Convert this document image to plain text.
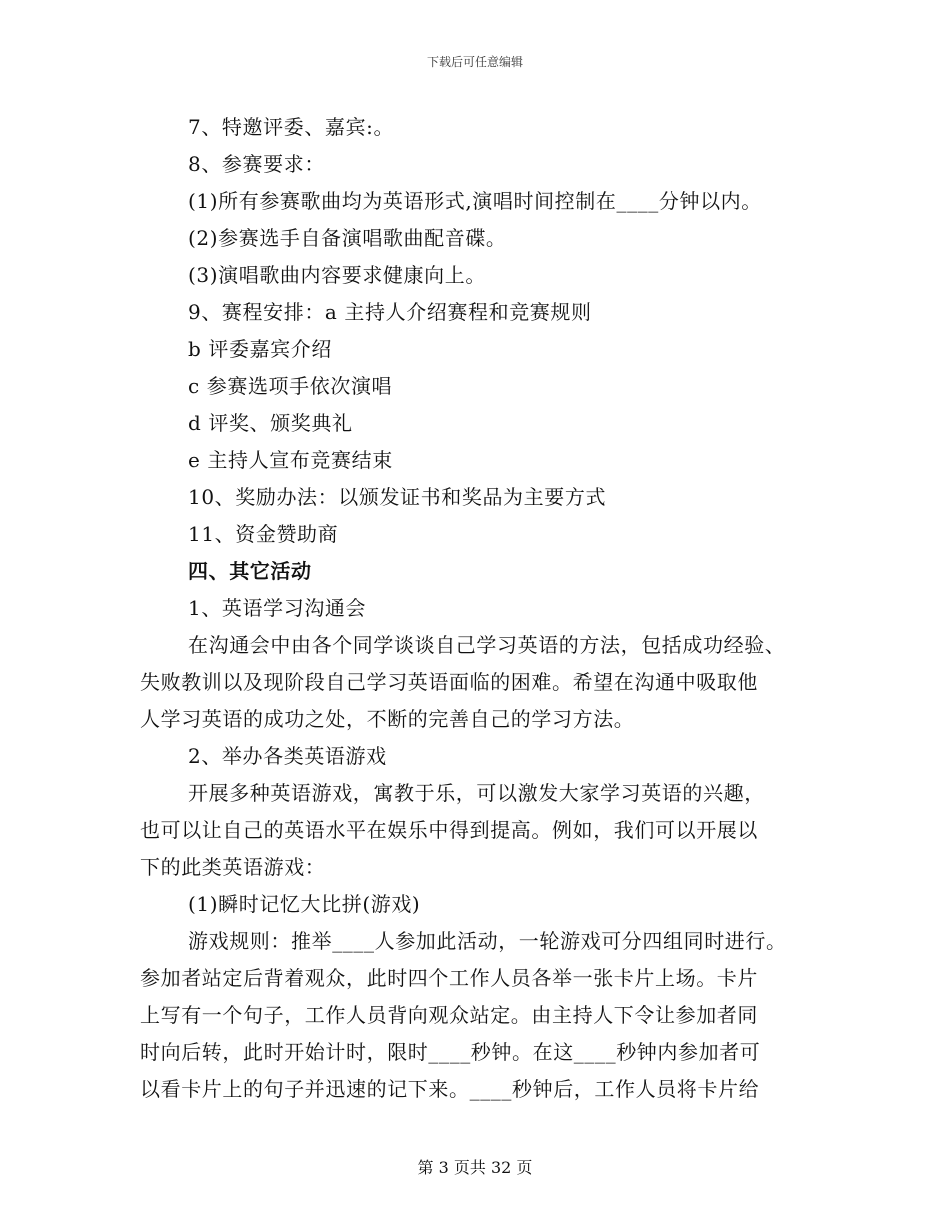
下载后可任意编辑
7、特邀评委、嘉宾:。
8、参赛要求：
(1)所有参赛歌曲均为英语形式,演唱时间控制在____分钟以内。
(2)参赛选手自备演唱歌曲配音碟。
(3)演唱歌曲内容要求健康向上。
9、赛程安排：a 主持人介绍赛程和竞赛规则
b 评委嘉宾介绍
c 参赛选项手依次演唱
d 评奖、颁奖典礼
e 主持人宣布竞赛结束
10、奖励办法：以颁发证书和奖品为主要方式
11、资金赞助商
四、其它活动
1、英语学习沟通会
在沟通会中由各个同学谈谈自己学习英语的方法，包括成功经验、
失败教训以及现阶段自己学习英语面临的困难。希望在沟通中吸取他
人学习英语的成功之处，不断的完善自己的学习方法。
2、举办各类英语游戏
开展多种英语游戏，寓教于乐，可以激发大家学习英语的兴趣，
也可以让自己的英语水平在娱乐中得到提高。例如，我们可以开展以
下的此类英语游戏：
(1)瞬时记忆大比拼(游戏)
游戏规则：推举____人参加此活动，一轮游戏可分四组同时进行。
参加者站定后背着观众，此时四个工作人员各举一张卡片上场。卡片
上写有一个句子，工作人员背向观众站定。由主持人下令让参加者同
时向后转，此时开始计时，限时____秒钟。在这____秒钟内参加者可
以看卡片上的句子并迅速的记下来。____秒钟后，工作人员将卡片给
第 3 页共 32 页
